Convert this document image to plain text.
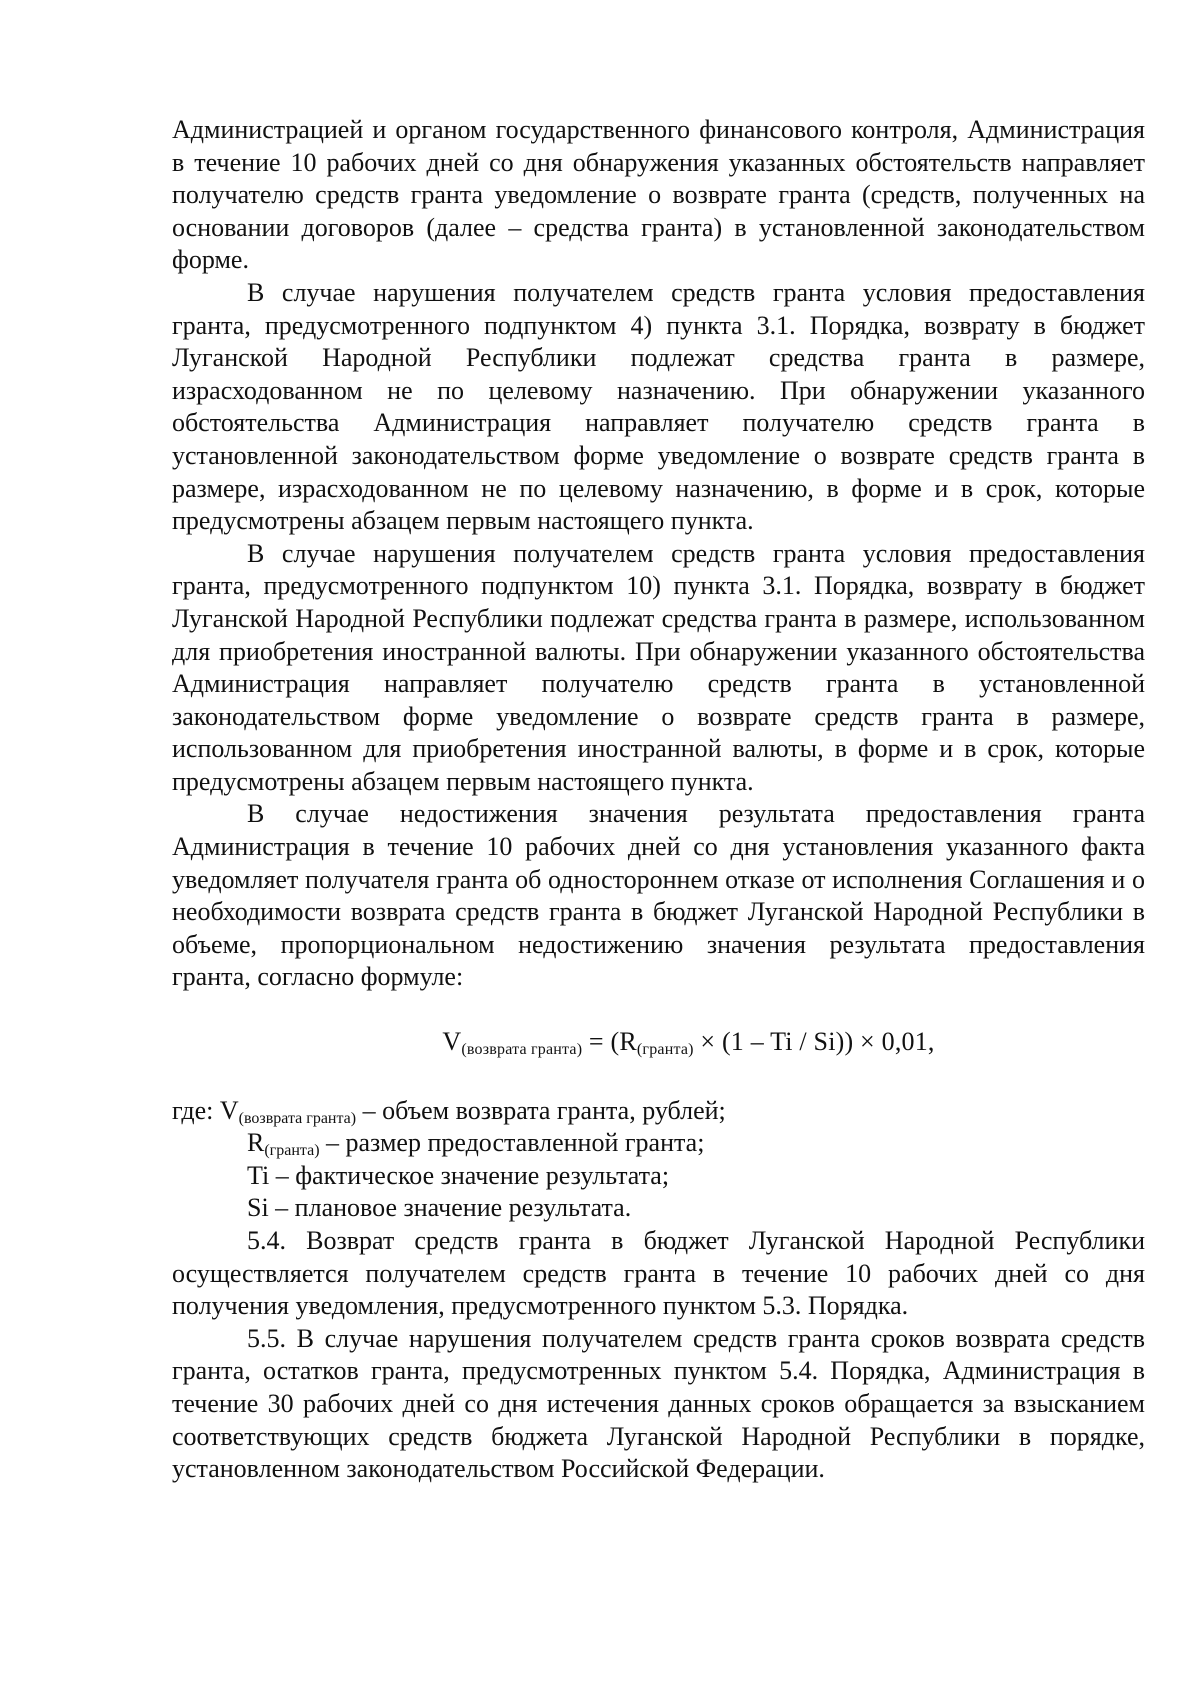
Администрацией и органом государственного финансового контроля, Администрация в течение 10 рабочих дней со дня обнаружения указанных обстоятельств направляет получателю средств гранта уведомление о возврате гранта (средств, полученных на основании договоров (далее – средства гранта) в установленной законодательством форме.

В случае нарушения получателем средств гранта условия предоставления гранта, предусмотренного подпунктом 4) пункта 3.1. Порядка, возврату в бюджет Луганской Народной Республики подлежат средства гранта в размере, израсходованном не по целевому назначению. При обнаружении указанного обстоятельства Администрация направляет получателю средств гранта в установленной законодательством форме уведомление о возврате средств гранта в размере, израсходованном не по целевому назначению, в форме и в срок, которые предусмотрены абзацем первым настоящего пункта.

В случае нарушения получателем средств гранта условия предоставления гранта, предусмотренного подпунктом 10) пункта 3.1. Порядка, возврату в бюджет Луганской Народной Республики подлежат средства гранта в размере, использованном для приобретения иностранной валюты. При обнаружении указанного обстоятельства Администрация направляет получателю средств гранта в установленной законодательством форме уведомление о возврате средств гранта в размере, использованном для приобретения иностранной валюты, в форме и в срок, которые предусмотрены абзацем первым настоящего пункта.

В случае недостижения значения результата предоставления гранта Администрация в течение 10 рабочих дней со дня установления указанного факта уведомляет получателя гранта об одностороннем отказе от исполнения Соглашения и о необходимости возврата средств гранта в бюджет Луганской Народной Республики в объеме, пропорциональном недостижению значения результата предоставления гранта, согласно формуле:

$V_{(возврата гранта)} = (R_{(гранта)} \times (1 - Ti / Si)) \times 0,01$,
где: $V_{(возврата гранта)}$ – объем возврата гранта, рублей;
$R_{(гранта)}$ – размер предоставленной гранта;
Ti – фактическое значение результата;
Si – плановое значение результата.

5.4. Возврат средств гранта в бюджет Луганской Народной Республики осуществляется получателем средств гранта в течение 10 рабочих дней со дня получения уведомления, предусмотренного пунктом 5.3. Порядка.

5.5. В случае нарушения получателем средств гранта сроков возврата средств гранта, остатков гранта, предусмотренных пунктом 5.4. Порядка, Администрация в течение 30 рабочих дней со дня истечения данных сроков обращается за взысканием соответствующих средств бюджета Луганской Народной Республики в порядке, установленном законодательством Российской Федерации.
